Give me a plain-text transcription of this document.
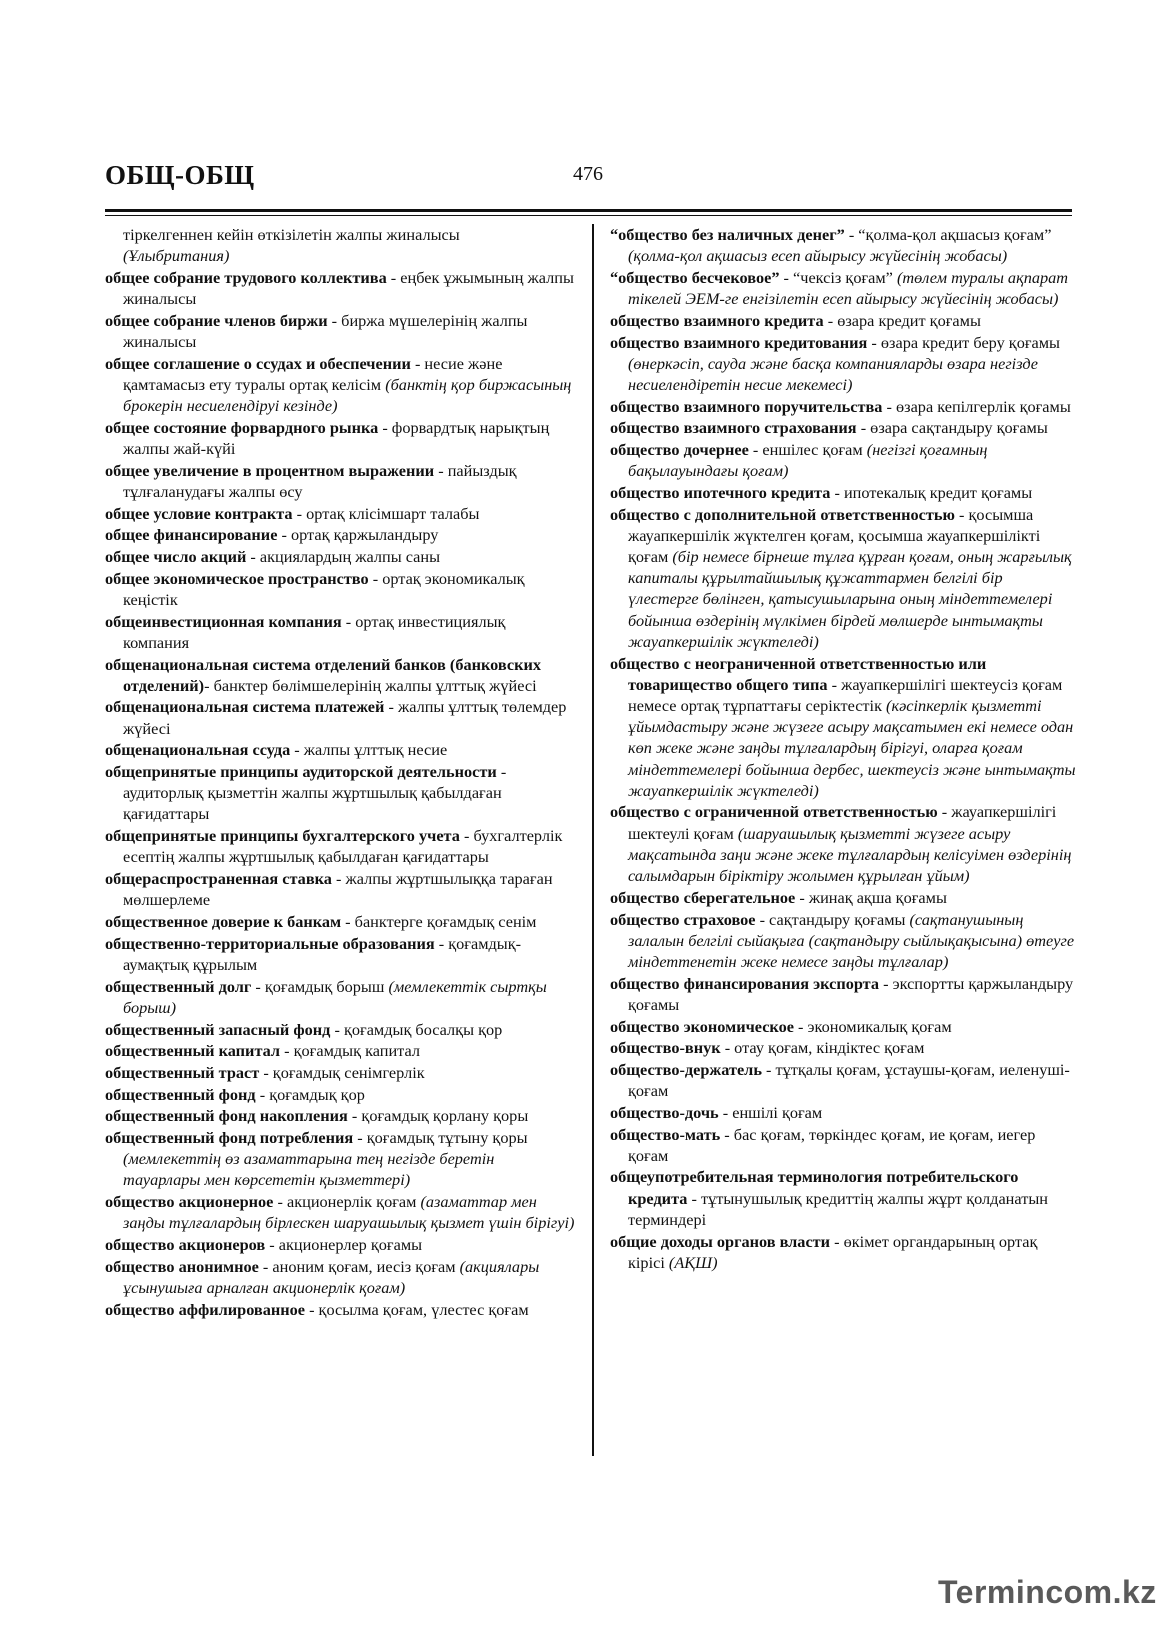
ОБЩ-ОБЩ	476

тіркелгеннен кейін өткізілетін жалпы жиналысы
(Ұлыбритания)

общее собрание трудового коллектива - еңбек ұжымының жалпы жиналысы

общее собрание членов биржи - биржа мүшелерінің жалпы жиналысы

общее соглашение о ссудах и обеспечении - несие және қамтамасыз ету туралы ортақ келісім (банктің қор биржасының брокерін несиелендіруі кезінде)

общее состояние форвардного рынка - форвардтық нарықтың жалпы жай-күйі

общее увеличение в процентном выражении - пайыздық тұлғаланудағы жалпы өсу

общее условие контракта - ортақ клісімшарт талабы

общее финансирование - ортақ қаржыландыру

общее число акций - акциялардың жалпы саны

общее экономическое пространство - ортақ экономикалық кеңістік

общеинвестиционная компания - ортақ инвестициялық компания

общенациональная система отделений банков (банковских отделений)- банктер бөлімшелерінің жалпы ұлттық жүйесі

общенациональная система платежей - жалпы ұлттық төлемдер жүйесі

общенациональная ссуда - жалпы ұлттық несие

общепринятые принципы аудиторской деятельности - аудиторлық қызметтін жалпы жұртшылық қабылдаған қағидаттары

общепринятые принципы бухгалтерского учета - бухгалтерлік есептің жалпы жұртшылық қабылдаған қағидаттары

общераспространенная ставка - жалпы жұртшылыққа тараған мөлшерлеме

общественное доверие к банкам - банктерге қоғамдық сенім

общественно-территориальные образования - қоғамдық-аумақтық құрылым

общественный долг - қоғамдық борыш (мемлекеттік сыртқы борыш)

общественный запасный фонд - қоғамдық босалқы қор

общественный капитал - қоғамдық капитал

общественный траст - қоғамдық сенімгерлік

общественный фонд - қоғамдық қор

общественный фонд накопления - қоғамдық қорлану қоры

общественный фонд потребления - қоғамдық тұтыну қоры (мемлекеттің өз азаматтарына тең негізде беретін тауарлары мен көрсететін қызметтері)

общество акционерное - акционерлік қоғам (азаматтар мен заңды тұлғалардың бірлескен шаруашылық қызмет үшін бірігуі)

общество акционеров - акционерлер қоғамы

общество анонимное - аноним қоғам, иесіз қоғам (акциялары ұсынушыға арналған акционерлік қоғам)

общество аффилированное - қосылма қоғам, үлестес қоғам

“общество без наличных денег” - “қолма-қол ақшасыз қоғам” (қолма-қол ақшасыз есеп айырысу жүйесінің жобасы)

“общество бесчековое” - “чексіз қоғам” (төлем туралы ақпарат тікелей ЭЕМ-ге енгізілетін есеп айырысу жүйесінің жобасы)

общество взаимного кредита - өзара кредит қоғамы

общество взаимного кредитования - өзара кредит беру қоғамы (өнеркәсіп, сауда және басқа компанияларды өзара негізде несиелендіретін несие мекемесі)

общество взаимного поручительства - өзара кепілгерлік қоғамы

общество взаимного страхования - өзара сақтандыру қоғамы

общество дочернее - еншілес қоғам (негізгі қоғамның бақылауындағы қоғам)

общество ипотечного кредита - ипотекалық кредит қоғамы

общество с дополнительной ответственностью - қосымша жауапкершілік жүктелген қоғам, қосымша жауапкершілікті қоғам (бір немесе бірнеше тұлға құрған қоғам, оның жарғылық капиталы құрылтайшылық құжаттармен белгілі бір үлестерге бөлінген, қатысушыларына оның міндеттемелері бойынша өздерінің мүлкімен бірдей мөлшерде ынтымақты жауапкершілік жүктеледі)

общество с неограниченной ответственностью или товарищество общего типа - жауапкершілігі шектеусіз қоғам немесе ортақ тұрпаттағы серіктестік (кәсіпкерлік қызметті ұйымдастыру және жүзеге асыру мақсатымен екі немесе одан көп жеке және заңды тұлғалардың бірігуі, оларға қоғам міндеттемелері бойынша дербес, шектеусіз және ынтымақты жауапкершілік жүктеледі)

общество с ограниченной ответственностью - жауапкершілігі шектеулі қоғам (шаруашылық қызметті жүзеге асыру мақсатында заңи және жеке тұлғалардың келісуімен өздерінің салымдарын біріктіру жолымен құрылған ұйым)

общество сберегательное - жинақ ақша қоғамы

общество страховое - сақтандыру қоғамы (сақтанушының залалын белгілі сыйақыға (сақтандыру сыйлықақысына) өтеуге міндеттенетін жеке немесе заңды тұлғалар)

общество финансирования экспорта - экспортты қаржыландыру қоғамы

общество экономическое - экономикалық қоғам

общество-внук - отау қоғам, кіндіктес қоғам

общество-держатель - тұтқалы қоғам, ұстаушы-қоғам, иеленуші-қоғам

общество-дочь - еншілі қоғам

общество-мать - бас қоғам, төркіндес қоғам, ие қоғам, иегер қоғам

общеупотребительная терминология потребительского кредита - тұтынушылық кредиттің жалпы жұрт қолданатын терминдері

общие доходы органов власти - өкімет органдарының ортақ кірісі (АҚШ)

Termincom.kz
